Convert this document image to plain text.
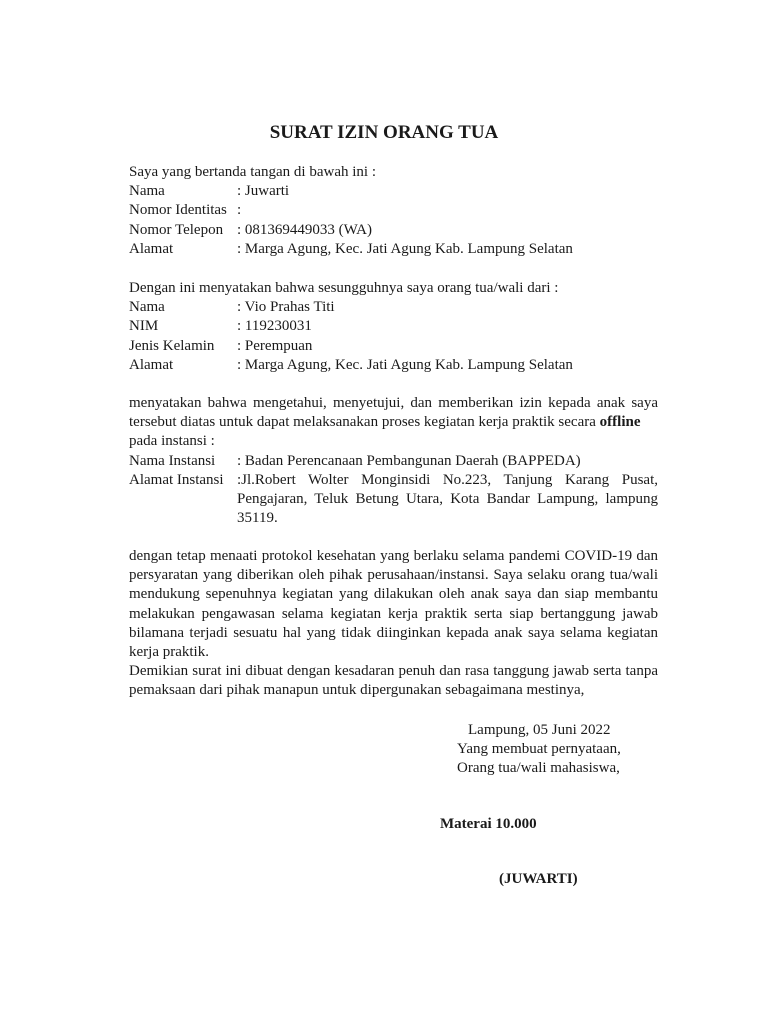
SURAT IZIN ORANG TUA
Saya yang bertanda tangan di bawah ini :
Nama	: Juwarti
Nomor Identitas :
Nomor Telepon : 081369449033 (WA)
Alamat	: Marga Agung, Kec. Jati Agung Kab. Lampung Selatan
Dengan ini menyatakan bahwa sesungguhnya saya orang tua/wali dari :
Nama	: Vio Prahas Titi
NIM	: 119230031
Jenis Kelamin	: Perempuan
Alamat	: Marga Agung, Kec. Jati Agung Kab. Lampung Selatan
menyatakan bahwa mengetahui, menyetujui, dan memberikan izin kepada anak saya tersebut diatas untuk dapat melaksanakan proses kegiatan kerja praktik secara offline
pada instansi :
Nama Instansi	: Badan Perencanaan Pembangunan Daerah (BAPPEDA)
Alamat Instansi :Jl.Robert Wolter Monginsidi No.223, Tanjung Karang Pusat, Pengajaran, Teluk Betung Utara, Kota Bandar Lampung, lampung 35119.
dengan tetap menaati protokol kesehatan yang berlaku selama pandemi COVID-19 dan persyaratan yang diberikan oleh pihak perusahaan/instansi. Saya selaku orang tua/wali mendukung sepenuhnya kegiatan yang dilakukan oleh anak saya dan siap membantu melakukan pengawasan selama kegiatan kerja praktik serta siap bertanggung jawab bilamana terjadi sesuatu hal yang tidak diinginkan kepada anak saya selama kegiatan kerja praktik.
Demikian surat ini dibuat dengan kesadaran penuh dan rasa tanggung jawab serta tanpa pemaksaan dari pihak manapun untuk dipergunakan sebagaimana mestinya,
Lampung, 05 Juni 2022
Yang membuat pernyataan,
Orang tua/wali mahasiswa,
Materai 10.000
(JUWARTI)
